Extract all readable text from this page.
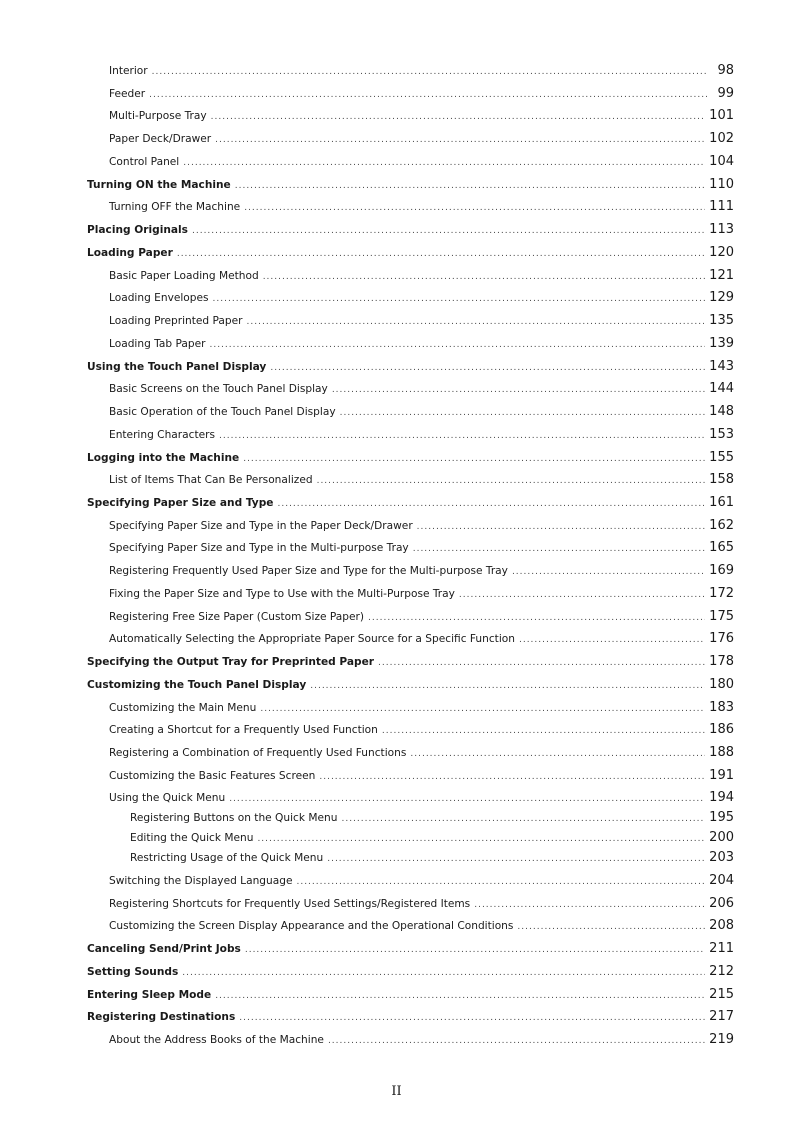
Interior .....	98
Feeder .....	99
Multi-Purpose Tray .....	101
Paper Deck/Drawer .....	102
Control Panel .....	104
Turning ON the Machine .....	110
Turning OFF the Machine .....	111
Placing Originals .....	113
Loading Paper .....	120
Basic Paper Loading Method .....	121
Loading Envelopes .....	129
Loading Preprinted Paper .....	135
Loading Tab Paper .....	139
Using the Touch Panel Display .....	143
Basic Screens on the Touch Panel Display .....	144
Basic Operation of the Touch Panel Display .....	148
Entering Characters .....	153
Logging into the Machine .....	155
List of Items That Can Be Personalized .....	158
Specifying Paper Size and Type .....	161
Specifying Paper Size and Type in the Paper Deck/Drawer .....	162
Specifying Paper Size and Type in the Multi-purpose Tray .....	165
Registering Frequently Used Paper Size and Type for the Multi-purpose Tray .....	169
Fixing the Paper Size and Type to Use with the Multi-Purpose Tray .....	172
Registering Free Size Paper (Custom Size Paper) .....	175
Automatically Selecting the Appropriate Paper Source for a Specific Function .....	176
Specifying the Output Tray for Preprinted Paper .....	178
Customizing the Touch Panel Display .....	180
Customizing the Main Menu .....	183
Creating a Shortcut for a Frequently Used Function .....	186
Registering a Combination of Frequently Used Functions .....	188
Customizing the Basic Features Screen .....	191
Using the Quick Menu .....	194
Registering Buttons on the Quick Menu .....	195
Editing the Quick Menu .....	200
Restricting Usage of the Quick Menu .....	203
Switching the Displayed Language .....	204
Registering Shortcuts for Frequently Used Settings/Registered Items .....	206
Customizing the Screen Display Appearance and the Operational Conditions .....	208
Canceling Send/Print Jobs .....	211
Setting Sounds .....	212
Entering Sleep Mode .....	215
Registering Destinations .....	217
About the Address Books of the Machine .....	219
II
